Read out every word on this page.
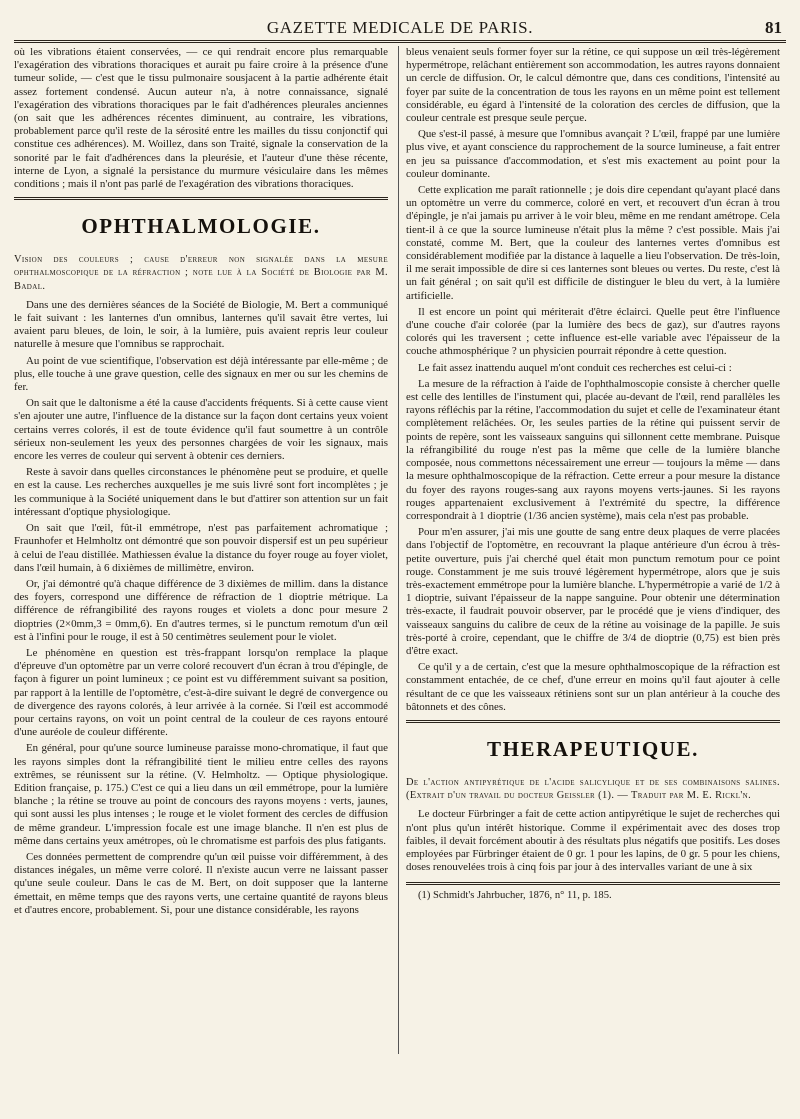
GAZETTE MEDICALE DE PARIS.	81

où les vibrations étaient conservées, — ce qui rendrait encore plus remarquable l'exagération des vibrations thoraciques et aurait pu faire croire à la présence d'une tumeur solide, — c'est que le tissu pulmonaire sousjacent à la partie adhérente était assez fortement condensé. Aucun auteur n'a, à notre connaissance, signalé l'exagération des vibrations thoraciques par le fait d'adhérences pleurales anciennes (on sait que les adhérences récentes diminuent, au contraire, les vibrations, probablement parce qu'il reste de la sérosité entre les mailles du tissu conjonctif qui constitue ces adhérences). M. Woillez, dans son Traité, signale la conservation de la sonorité par le fait d'adhérences dans la pleurésie, et l'auteur d'une thèse récente, interne de Lyon, a signalé la persistance du murmure vésiculaire dans les mêmes conditions ; mais il n'ont pas parlé de l'exagération des vibrations thoraciques.

OPHTHALMOLOGIE.

Vision des couleurs ; cause d'erreur non signalée dans la mesure ophthalmoscopique de la réfraction ; note lue à la Société de Biologie par M. Badal.

Dans une des dernières séances de la Société de Biologie, M. Bert a communiqué le fait suivant : les lanternes d'un omnibus, lanternes qu'il savait être vertes, lui avaient paru bleues, de loin, le soir, à la lumière, puis avaient repris leur couleur naturelle à mesure que l'omnibus se rapprochait.

Au point de vue scientifique, l'observation est déjà intéressante par elle-même ; de plus, elle touche à une grave question, celle des signaux en mer ou sur les chemins de fer.

On sait que le daltonisme a été la cause d'accidents fréquents. Si à cette cause vient s'en ajouter une autre, l'influence de la distance sur la façon dont certains yeux voient certains verres colorés, il est de toute évidence qu'il faut soumettre à un contrôle sérieux non-seulement les yeux des personnes chargées de voir les signaux, mais encore les verres de couleur qui servent à obtenir ces derniers.

Reste à savoir dans quelles circonstances le phénomène peut se produire, et quelle en est la cause. Les recherches auxquelles je me suis livré sont fort incomplètes ; je les communique à la Société uniquement dans le but d'attirer son attention sur un fait intéressant d'optique physiologique.

On sait que l'œil, fût-il emmétrope, n'est pas parfaitement achromatique ; Fraunhofer et Helmholtz ont démontré que son pouvoir dispersif est un peu supérieur à celui de l'eau distillée. Mathiessen évalue la distance du foyer rouge au foyer violet, dans l'œil humain, à 6 dixièmes de millimètre, environ.

Or, j'ai démontré qu'à chaque différence de 3 dixièmes de millim. dans la distance des foyers, correspond une différence de réfraction de 1 dioptrie métrique. La différence de réfrangibilité des rayons rouges et violets a donc pour mesure 2 dioptries (2×0mm,3 = 0mm,6). En d'autres termes, si le punctum remotum d'un œil est à l'infini pour le rouge, il est à 50 centimètres seulement pour le violet.

Le phénomène en question est très-frappant lorsqu'on remplace la plaque d'épreuve d'un optomètre par un verre coloré recouvert d'un écran à trou d'épingle, de façon à figurer un point lumineux ; ce point est vu différemment suivant sa position, par rapport à la lentille de l'optomètre, c'est-à-dire suivant le degré de convergence ou de divergence des rayons colorés, à leur arrivée à la cornée. Si l'œil est accommodé pour certains rayons, on voit un point central de la couleur de ces rayons entouré d'une auréole de couleur différente.

En général, pour qu'une source lumineuse paraisse mono-chromatique, il faut que les rayons simples dont la réfrangibilité tient le milieu entre celles des rayons extrêmes, se réunissent sur la rétine. (V. Helmholtz. — Optique physiologique. Edition française, p. 175.) C'est ce qui a lieu dans un œil emmétrope, pour la lumière blanche ; la rétine se trouve au point de concours des rayons moyens : verts, jaunes, qui sont aussi les plus intenses ; le rouge et le violet forment des cercles de diffusion de même grandeur. L'impression focale est une image blanche. Il n'en est plus de même dans certains yeux amétropes, où le chromatisme est parfois des plus fatigants.

Ces données permettent de comprendre qu'un œil puisse voir différemment, à des distances inégales, un même verre coloré. Il n'existe aucun verre ne laissant passer qu'une seule couleur. Dans le cas de M. Bert, on doit supposer que la lanterne émettait, en même temps que des rayons verts, une certaine quantité de rayons bleus et d'autres encore, probablement. Si, pour une distance considérable, les rayons

bleus venaient seuls former foyer sur la rétine, ce qui suppose un œil très-légèrement hypermétrope, relâchant entièrement son accommodation, les autres rayons donnaient un cercle de diffusion. Or, le calcul démontre que, dans ces conditions, l'intensité au foyer par suite de la concentration de tous les rayons en un même point est tellement considérable, eu égard à l'intensité de la coloration des cercles de diffusion, que la couleur centrale est presque seule perçue.

Que s'est-il passé, à mesure que l'omnibus avançait ? L'œil, frappé par une lumière plus vive, et ayant conscience du rapprochement de la source lumineuse, a fait entrer en jeu sa puissance d'accommodation, et s'est mis exactement au point pour la couleur dominante.

Cette explication me paraît rationnelle ; je dois dire cependant qu'ayant placé dans un optomètre un verre du commerce, coloré en vert, et recouvert d'un écran à trou d'épingle, je n'ai jamais pu arriver à le voir bleu, même en me rendant amétrope. Cela tient-il à ce que la source lumineuse n'était plus la même ? c'est possible. Mais j'ai constaté, comme M. Bert, que la couleur des lanternes vertes d'omnibus est considérablement modifiée par la distance à laquelle a lieu l'observation. De très-loin, il me serait impossible de dire si ces lanternes sont bleues ou vertes. Du reste, c'est là un fait général ; on sait qu'il est difficile de distinguer le bleu du vert, à la lumière artificielle.

Il est encore un point qui mériterait d'être éclairci. Quelle peut être l'influence d'une couche d'air colorée (par la lumière des becs de gaz), sur d'autres rayons colorés qui les traversent ; cette influence est-elle variable avec l'épaisseur de la couche athmosphérique ? un physicien pourrait répondre à cette question.

Le fait assez inattendu auquel m'ont conduit ces recherches est celui-ci :

La mesure de la réfraction à l'aide de l'ophthalmoscopie consiste à chercher quelle est celle des lentilles de l'instument qui, placée au-devant de l'œil, rend parallèles les rayons réfléchis par la rétine, l'accommodation du sujet et celle de l'examinateur étant complètement relâchées. Or, les seules parties de la rétine qui puissent servir de points de repère, sont les vaisseaux sanguins qui sillonnent cette membrane. Puisque la réfrangibilité du rouge n'est pas la même que celle de la lumière blanche composée, nous commettons nécessairement une erreur — toujours la même — dans la mesure ophthalmoscopique de la réfraction. Cette erreur a pour mesure la distance du foyer des rayons rouges-sang aux rayons moyens verts-jaunes. Si les rayons rouges appartenaient exclusivement à l'extrémité du spectre, la différence correspondrait à 1 dioptrie (1/36 ancien système), mais cela n'est pas probable.

Pour m'en assurer, j'ai mis une goutte de sang entre deux plaques de verre placées dans l'objectif de l'optomètre, en recouvrant la plaque antérieure d'un écrou à très-petite ouverture, puis j'ai cherché quel était mon punctum remotum pour ce point rouge. Constamment je me suis trouvé légèrement hypermétrope, alors que je suis très-exactement emmétrope pour la lumière blanche. L'hypermétropie a varié de 1/2 à 1 dioptrie, suivant l'épaisseur de la nappe sanguine. Pour obtenir une détermination très-exacte, il faudrait pouvoir observer, par le procédé que je viens d'indiquer, des vaisseaux sanguins du calibre de ceux de la rétine au voisinage de la papille. Je suis très-porté à croire, cependant, que le chiffre de 3/4 de dioptrie (0,75) est bien près d'être exact.

Ce qu'il y a de certain, c'est que la mesure ophthalmoscopique de la réfraction est constamment entachée, de ce chef, d'une erreur en moins qu'il faut ajouter à celle résultant de ce que les vaisseaux rétiniens sont sur un plan antérieur à la couche des bâtonnets et des cônes.

THERAPEUTIQUE.

De l'action antipyrétique de l'acide salicylique et de ses combinaisons salines. (Extrait d'un travail du docteur Geissler (1). — Traduit par M. E. Rickl'n.

Le docteur Fürbringer a fait de cette action antipyrétique le sujet de recherches qui n'ont plus qu'un intérêt historique. Comme il expérimentait avec des doses trop faibles, il devait forcément aboutir à des résultats plus négatifs que positifs. Les doses employées par Fürbringer étaient de 0 gr. 1 pour les lapins, de 0 gr. 5 pour les chiens, doses renouvelées trois à cinq fois par jour à des intervalles variant de une à six

(1) Schmidt's Jahrbucher, 1876, n° 11, p. 185.
